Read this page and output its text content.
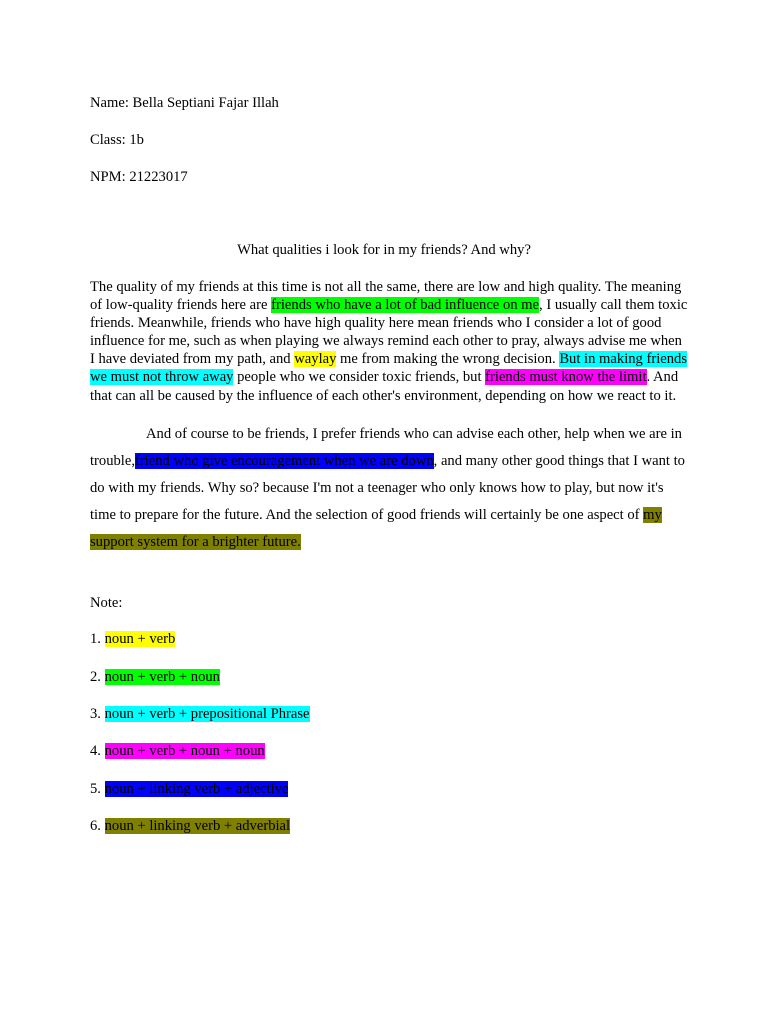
Name: Bella Septiani Fajar Illah
Class: 1b
NPM: 21223017
What qualities i look for in my friends? And why?
The quality of my friends at this time is not all the same, there are low and high quality. The meaning of low-quality friends here are friends who have a lot of bad influence on me, I usually call them toxic friends. Meanwhile, friends who have high quality here mean friends who I consider a lot of good influence for me, such as when playing we always remind each other to pray, always advise me when I have deviated from my path, and waylay me from making the wrong decision. But in making friends we must not throw away people who we consider toxic friends, but friends must know the limit. And that can all be caused by the influence of each other's environment, depending on how we react to it.
And of course to be friends, I prefer friends who can advise each other, help when we are in trouble,friend who give encouragement when we are down, and many other good things that I want to do with my friends. Why so? because I'm not a teenager who only knows how to play, but now it's time to prepare for the future. And the selection of good friends will certainly be one aspect of my support system for a brighter future.
Note:
1. noun + verb
2. noun + verb + noun
3. noun + verb + prepositional Phrase
4. noun + verb + noun + noun
5. noun + linking verb + adjective
6. noun + linking verb + adverbial
